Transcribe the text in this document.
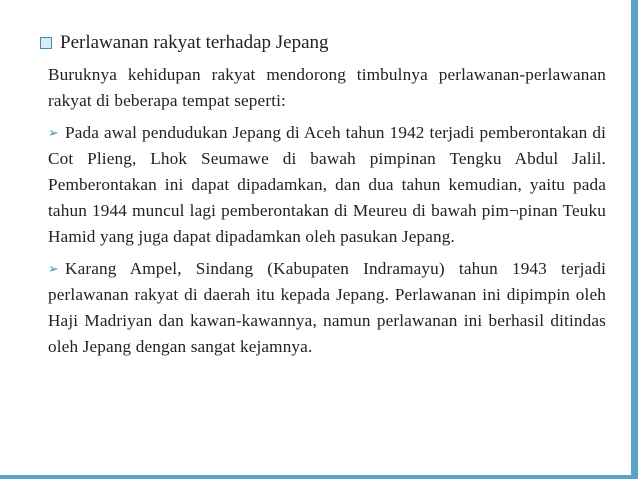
Perlawanan rakyat terhadap Jepang
Buruknya kehidupan rakyat mendorong timbulnya perlawanan-perlawanan rakyat di beberapa tempat seperti:
➢ Pada awal pendudukan Jepang di Aceh tahun 1942 terjadi pemberontakan di Cot Plieng, Lhok Seumawe di bawah pimpinan Tengku Abdul Jalil. Pemberontakan ini dapat dipadamkan, dan dua tahun kemudian, yaitu pada tahun 1944 muncul lagi pemberontakan di Meureu di bawah pim¬pinan Teuku Hamid yang juga dapat dipadamkan oleh pasukan Jepang.
➢ Karang Ampel, Sindang (Kabupaten Indramayu) tahun 1943 terjadi perlawanan rakyat di daerah itu kepada Jepang. Perlawanan ini dipimpin oleh Haji Madriyan dan kawan-kawannya, namun perlawanan ini berhasil ditindas oleh Jepang dengan sangat kejamnya.
